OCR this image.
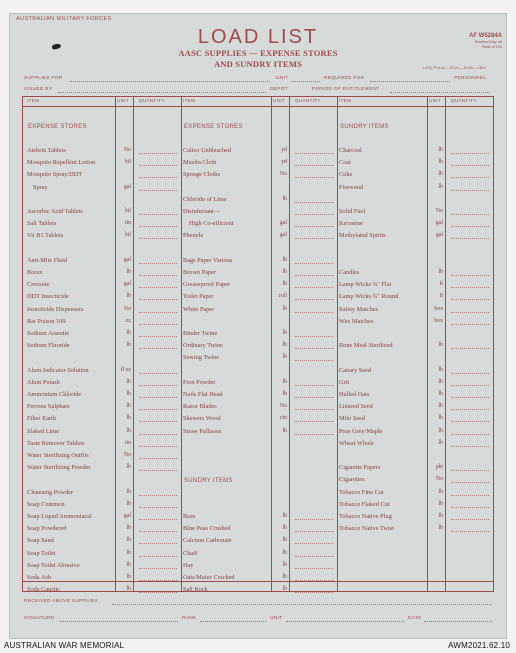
AUSTRALIAN MILITARY FORCES
LOAD LIST
AASC SUPPLIES — EXPENSE STORES
AND SUNDRY ITEMS
AF W5284A
Revised May 44
Pads of 100
LHQ Press—3231—5/46—16m.
SUPPLIES FOR	UNIT	REQUIRED FOR	PERSONNEL
ISSUED BY	DEPOT	PERIOD OF ENTITLEMENT
ITEM	UNIT QUANTITY	ITEM	UNIT QUANTITY	ITEM	UNIT QUANTITY
EXPENSE STORES	EXPENSE STORES	SUNDRY ITEMS
SUNDRY ITEMS
Atebrin Tablets	No
Mosquito Repellent Lotion	btl
Mosquito Spray/DDT
Spray	gal
Ascorbic Acid Tablets	btl
Salt Tablets	tin
Vit B1 Tablets	btl
Anti-Mite Fluid	gal
Borax	lb
Creosote	gal
DDT Insecticide	lb
Insecticide Dispensers	No
Rat Poison 109	oz
Sodium Arsenite	lb
Sodium Fluoride	lb
Alum Indicator Solution	fl oz
Alum Potash	lb
Ammonium Chloride	lb
Ferrous Sulphate	lb
Filter Earth	lb
Slaked Lime	lb
Taste Remover Tablets	tin
Water Sterilizing Outfits	No
Water Sterilizing Powder	lb
Cleansing Powder	lb
Soap Common	lb
Soap Liquid Ammoniacal	gal
Soap Powdered	lb
Soap Sand	lb
Soap Toilet	lb
Soap Toilet Abrasive	lb
Soda Ash	lb
Soda Caustic	lb
Calico Unbleached	yd
Muslin Cloth	yd
Sponge Cloths	No
Chloride of Lime	lb
Disinfectant—
High Co-efficient	gal
Phenyle	gal
Bags Paper Various	lb
Brown Paper	lb
Greaseproof Paper	lb
Toilet Paper	roll
White Paper	lb
Binder Twine	lb
Ordinary Twine	lb
Sewing Twine	lb
Foot Powder	lb
Nails Flat Head	lb
Razor Blades	No
Skewers Wood	ctn
Straw Palliasse	lb
Bran	lb
Blue Peas Crushed	lb
Calcium Carbonate	lb
Chaff	lb
Hay	lb
Oats/Maize Cracked	lb
Salt Rock	lb
Charcoal	lb
Coal	lb
Coke	lb
Firewood	lb
Solid Fuel	No
Kerosene	gal
Methylated Spirits	gal
Candles	lb
Lamp Wicks ¾" Flat	ft
Lamp Wicks ¾" Round	ft
Safety Matches	box
Wax Matches	box
Bone Meal Sterilized	lb
Canary Seed	lb
Grit	lb
Hulled Oats	lb
Linseed Seed	lb
Milo Seed	lb
Peas Grey/Maple	lb
Wheat Whole	lb
Cigarette Papers	pkt
Cigarettes	No
Tobacco Fine Cut	lb
Tobacco Flaked Cut	lb
Tobacco Native Plug	lb
Tobacco Native Twist	lb
RECEIVED ABOVE SUPPLIES
SIGNATURE	RANK	UNIT	DATE
AUSTRALIAN WAR MEMORIAL	AWM2021.62.10
